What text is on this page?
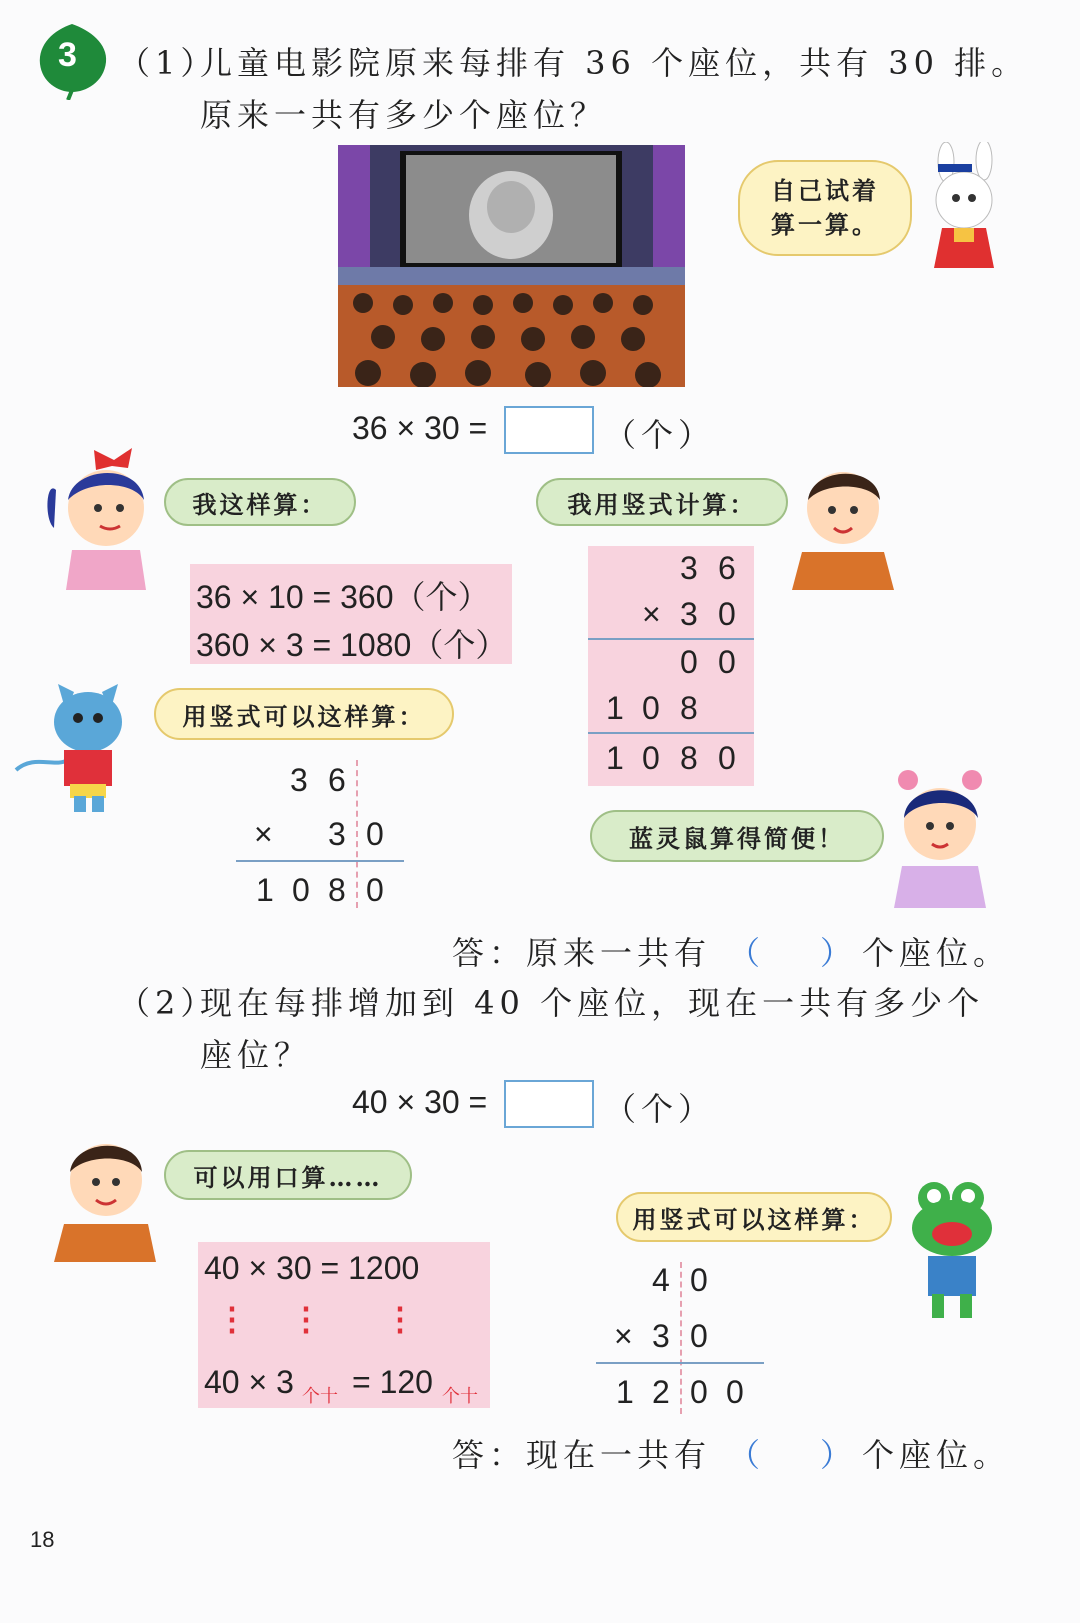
3 （1）
儿童电影院原来每排有 36 个座位，共有 30 排。
原来一共有多少个座位？
自己试着
算一算。
36 × 30 =	（个）
我这样算：	我用竖式计算：
36 × 10 = 360（个）
360 × 3 = 1080（个）
3 6
× 3 0
0 0
1 0 8
1 0 8 0
用竖式可以这样算：
3 6
× 3 0
1 0 8 0
蓝灵鼠算得简便！
答：原来一共有 （ ） 个座位。
（2）
现在每排增加到 40 个座位，现在一共有多少个
座位？
40 × 30 =	（个）
可以用口算……
用竖式可以这样算：
40 × 30 = 1200
⋮ ⋮ ⋮
40 × 3 个十 = 120 个十
4 0
× 3 0
1 2 0 0
答：现在一共有 （ ） 个座位。
18
